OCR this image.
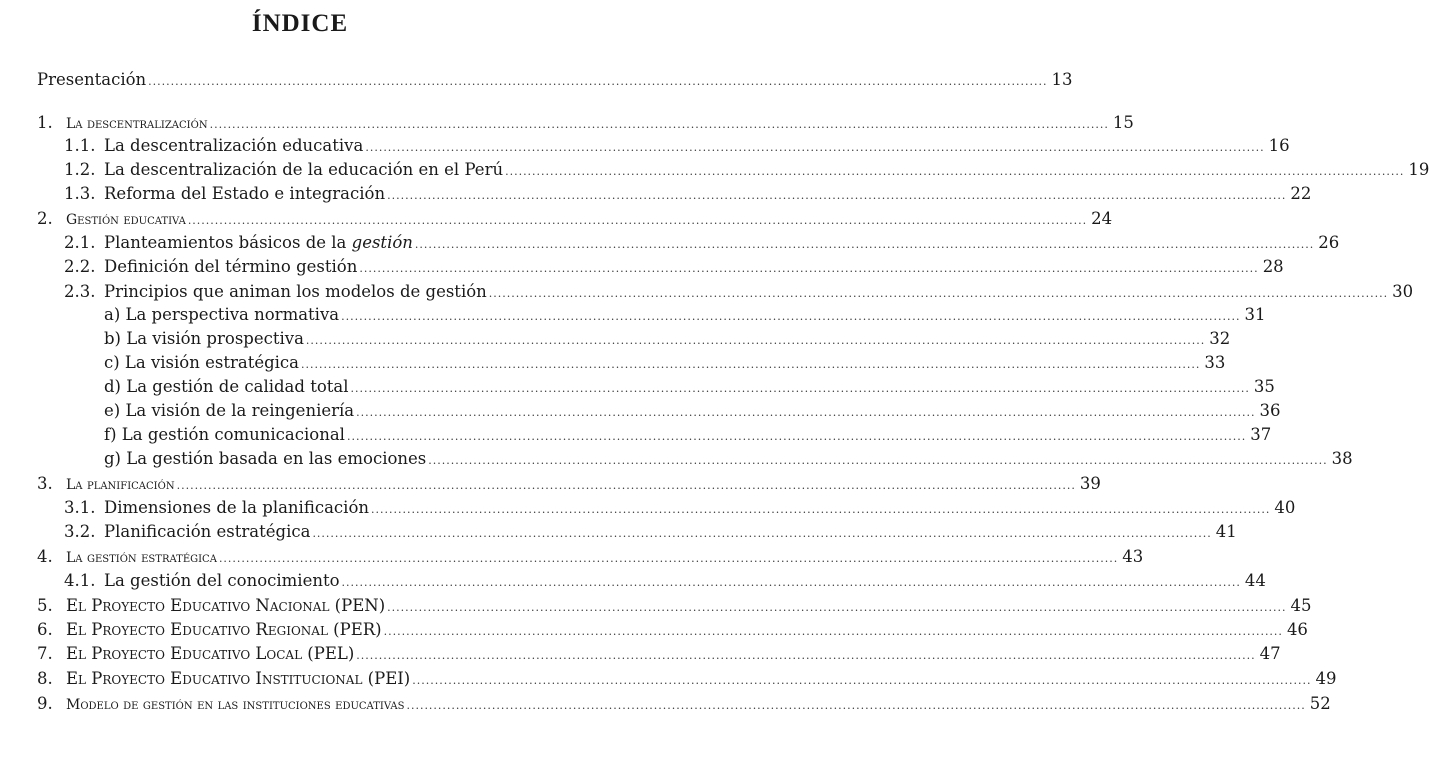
ÍNDICE
Presentación ........................................................................................................................................................................................................ 13
1. La descentralización ........................................................................................................................................................................................................ 15
1.1. La descentralización educativa ........................................................................................................................................................................................................ 16
1.2. La descentralización de la educación en el Perú ........................................................................................................................................................................................................ 19
1.3. Reforma del Estado e integración ........................................................................................................................................................................................................ 22
2. Gestión educativa ........................................................................................................................................................................................................ 24
2.1. Planteamientos básicos de la gestión ........................................................................................................................................................................................................ 26
2.2. Definición del término gestión ........................................................................................................................................................................................................ 28
2.3. Principios que animan los modelos de gestión ........................................................................................................................................................................................................ 30
a) La perspectiva normativa ........................................................................................................................................................................................................ 31
b) La visión prospectiva ........................................................................................................................................................................................................ 32
c) La visión estratégica ........................................................................................................................................................................................................ 33
d) La gestión de calidad total ........................................................................................................................................................................................................ 35
e) La visión de la reingeniería ........................................................................................................................................................................................................ 36
f) La gestión comunicacional ........................................................................................................................................................................................................ 37
g) La gestión basada en las emociones ........................................................................................................................................................................................................ 38
3. La planificación ........................................................................................................................................................................................................ 39
3.1. Dimensiones de la planificación ........................................................................................................................................................................................................ 40
3.2. Planificación estratégica ........................................................................................................................................................................................................ 41
4. La gestión estratégica ........................................................................................................................................................................................................ 43
4.1. La gestión del conocimiento ........................................................................................................................................................................................................ 44
5. El Proyecto Educativo Nacional (PEN) ........................................................................................................................................................................................................ 45
6. El Proyecto Educativo Regional (PER) ........................................................................................................................................................................................................ 46
7. El Proyecto Educativo Local (PEL) ........................................................................................................................................................................................................ 47
8. El Proyecto Educativo Institucional (PEI) ........................................................................................................................................................................................................ 49
9. Modelo de gestión en las instituciones educativas ........................................................................................................................................................................................................ 52
